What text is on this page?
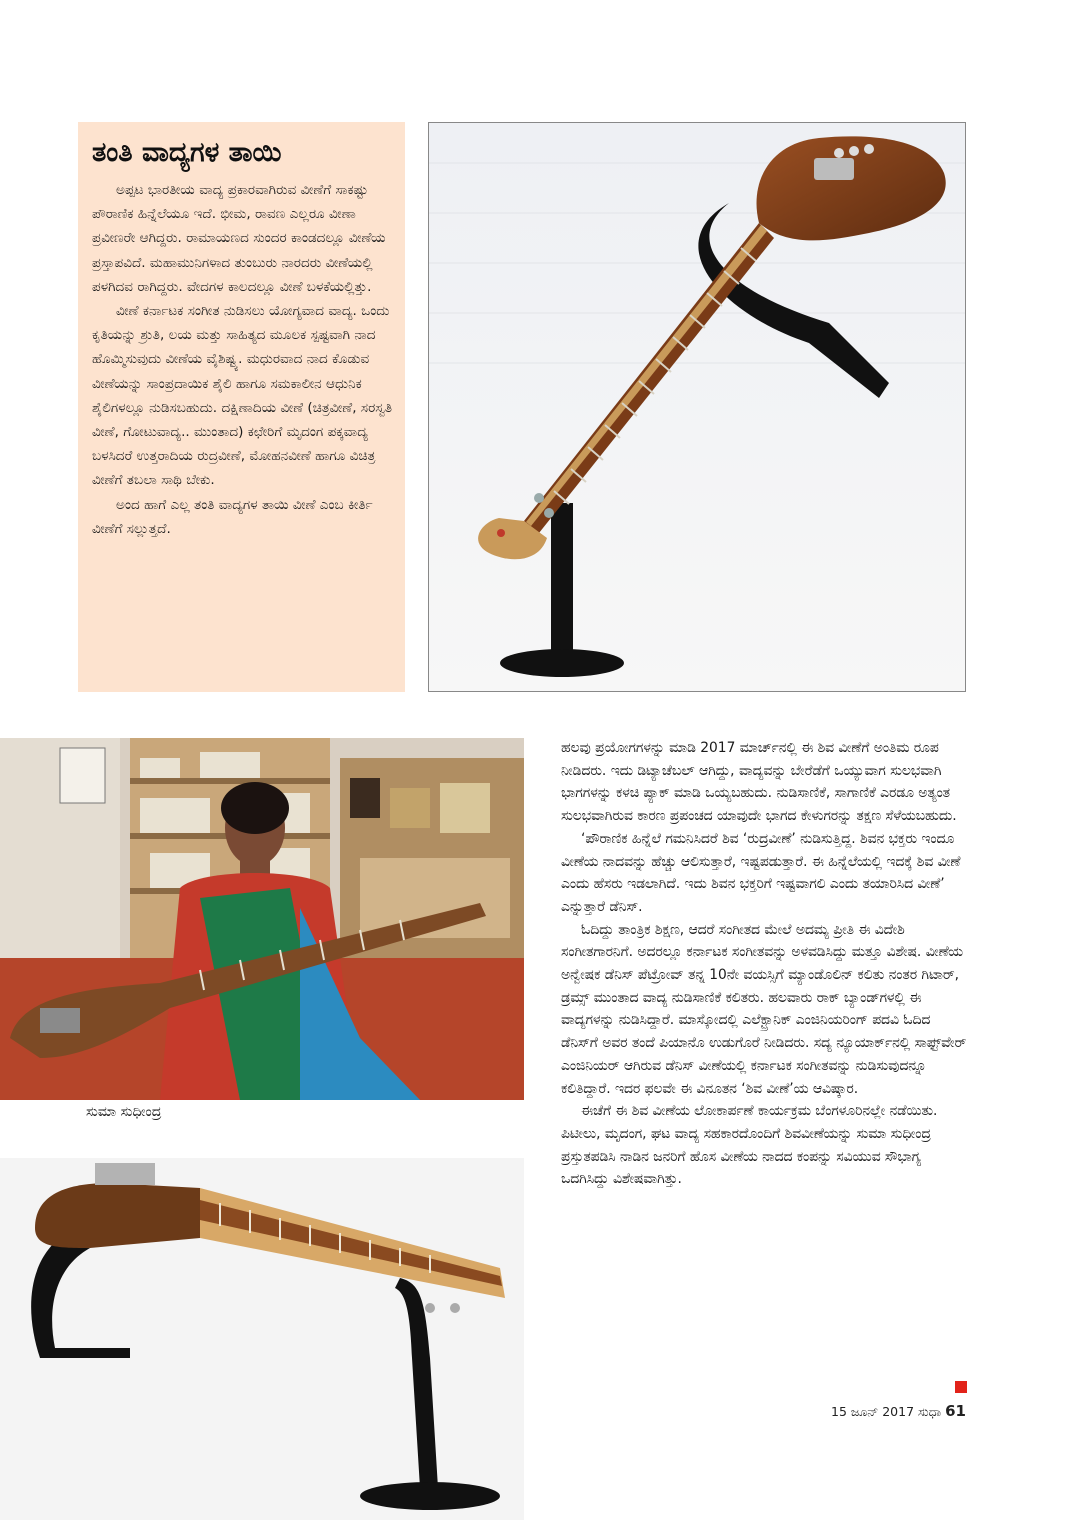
ತಂತಿ ವಾದ್ಯಗಳ ತಾಯಿ

ಅಪ್ಪಟ ಭಾರತೀಯ ವಾದ್ಯ ಪ್ರಕಾರವಾಗಿರುವ ವೀಣೆಗೆ ಸಾಕಷ್ಟು ಪೌರಾಣಿಕ ಹಿನ್ನೆಲೆಯೂ ಇದೆ. ಭೀಮ, ರಾವಣ ಎಲ್ಲರೂ ವೀಣಾ ಪ್ರವೀಣರೇ ಆಗಿದ್ದರು. ರಾಮಾಯಣದ ಸುಂದರ ಕಾಂಡದಲ್ಲೂ ವೀಣೆಯ ಪ್ರಸ್ತಾಪವಿದೆ. ಮಹಾಮುನಿಗಳಾದ ತುಂಬುರು ನಾರದರು ವೀಣೆಯಲ್ಲಿ ಪಳಗಿದವ ರಾಗಿದ್ದರು. ವೇದಗಳ ಕಾಲದಲ್ಲೂ ವೀಣೆ ಬಳಕೆಯಲ್ಲಿತ್ತು.

ವೀಣೆ ಕರ್ನಾಟಕ ಸಂಗೀತ ನುಡಿಸಲು ಯೋಗ್ಯವಾದ ವಾದ್ಯ. ಒಂದು ಕೃತಿಯನ್ನು ಶ್ರುತಿ, ಲಯ ಮತ್ತು ಸಾಹಿತ್ಯದ ಮೂಲಕ ಸ್ಪಷ್ಟವಾಗಿ ನಾದ ಹೊಮ್ಮಿಸುವುದು ವೀಣೆಯ ವೈಶಿಷ್ಟ್ಯ. ಮಧುರವಾದ ನಾದ ಕೊಡುವ ವೀಣೆಯನ್ನು ಸಾಂಪ್ರದಾಯಿಕ ಶೈಲಿ ಹಾಗೂ ಸಮಕಾಲೀನ ಆಧುನಿಕ ಶೈಲಿಗಳಲ್ಲೂ ನುಡಿಸಬಹುದು. ದಕ್ಷಿಣಾದಿಯ ವೀಣೆ (ಚಿತ್ರವೀಣೆ, ಸರಸ್ವತಿ ವೀಣೆ, ಗೋಟುವಾದ್ಯ.. ಮುಂತಾದ) ಕಛೇರಿಗೆ ಮೃದಂಗ ಪಕ್ಕವಾದ್ಯ ಬಳಸಿದರೆ ಉತ್ತರಾದಿಯ ರುದ್ರವೀಣೆ, ಮೋಹನವೀಣೆ ಹಾಗೂ ವಿಚಿತ್ರ ವೀಣೆಗೆ ತಬಲಾ ಸಾಥಿ ಬೇಕು.

ಅಂದ ಹಾಗೆ ಎಲ್ಲ ತಂತಿ ವಾದ್ಯಗಳ ತಾಯಿ ವೀಣೆ ಎಂಬ ಕೀರ್ತಿ ವೀಣೆಗೆ ಸಲ್ಲುತ್ತದೆ.

ಸುಮಾ ಸುಧೀಂದ್ರ

ಹಲವು ಪ್ರಯೋಗಗಳನ್ನು ಮಾಡಿ 2017 ಮಾರ್ಚ್‌ನಲ್ಲಿ ಈ ಶಿವ ವೀಣೆಗೆ ಅಂತಿಮ ರೂಪ ನೀಡಿದರು. ಇದು ಡಿಟ್ಯಾಚೆಬಲ್ ಆಗಿದ್ದು, ವಾದ್ಯವನ್ನು ಬೇರೆಡೆಗೆ ಒಯ್ಯುವಾಗ ಸುಲಭವಾಗಿ ಭಾಗಗಳನ್ನು ಕಳಚಿ ಪ್ಯಾಕ್ ಮಾಡಿ ಒಯ್ಯಬಹುದು. ನುಡಿಸಾಣಿಕೆ, ಸಾಗಾಣಿಕೆ ಎರಡೂ ಅತ್ಯಂತ ಸುಲಭವಾಗಿರುವ ಕಾರಣ ಪ್ರಪಂಚದ ಯಾವುದೇ ಭಾಗದ ಕೇಳುಗರನ್ನು ತಕ್ಷಣ ಸೆಳೆಯಬಹುದು.

‘ಪೌರಾಣಿಕ ಹಿನ್ನೆಲೆ ಗಮನಿಸಿದರೆ ಶಿವ ‘ರುದ್ರವೀಣೆ’ ನುಡಿಸುತ್ತಿದ್ದ. ಶಿವನ ಭಕ್ತರು ಇಂದೂ ವೀಣೆಯ ನಾದವನ್ನು ಹೆಚ್ಚು ಆಲಿಸುತ್ತಾರೆ, ಇಷ್ಟಪಡುತ್ತಾರೆ. ಈ ಹಿನ್ನೆಲೆಯಲ್ಲಿ ಇದಕ್ಕೆ ಶಿವ ವೀಣೆ ಎಂದು ಹೆಸರು ಇಡಲಾಗಿದೆ. ಇದು ಶಿವನ ಭಕ್ತರಿಗೆ ಇಷ್ಟವಾಗಲಿ ಎಂದು ತಯಾರಿಸಿದ ವೀಣೆ’ ಎನ್ನುತ್ತಾರೆ ಡೆನಿಸ್.

ಓದಿದ್ದು ತಾಂತ್ರಿಕ ಶಿಕ್ಷಣ, ಆದರೆ ಸಂಗೀತದ ಮೇಲೆ ಅದಮ್ಯ ಪ್ರೀತಿ ಈ ವಿದೇಶಿ ಸಂಗೀತಗಾರನಿಗೆ. ಅದರಲ್ಲೂ ಕರ್ನಾಟಕ ಸಂಗೀತವನ್ನು ಅಳವಡಿಸಿದ್ದು ಮತ್ತೂ ವಿಶೇಷ. ವೀಣೆಯ ಅನ್ವೇಷಕ ಡೆನಿಸ್ ಪೆಟ್ರೋವ್ ತನ್ನ 10ನೇ ವಯಸ್ಸಿಗೆ ಮ್ಯಾಂಡೊಲಿನ್ ಕಲಿತು ನಂತರ ಗಿಟಾರ್, ಡ್ರಮ್ಸ್ ಮುಂತಾದ ವಾದ್ಯ ನುಡಿಸಾಣಿಕೆ ಕಲಿತರು. ಹಲವಾರು ರಾಕ್ ಬ್ಯಾಂಡ್‌ಗಳಲ್ಲಿ ಈ ವಾದ್ಯಗಳನ್ನು ನುಡಿಸಿದ್ದಾರೆ. ಮಾಸ್ಕೋದಲ್ಲಿ ಎಲೆಕ್ಟ್ರಾನಿಕ್ ಎಂಜಿನಿಯರಿಂಗ್ ಪದವಿ ಓದಿದ ಡೆನಿಸ್‌ಗೆ ಅವರ ತಂದೆ ಪಿಯಾನೊ ಉಡುಗೊರೆ ನೀಡಿದರು. ಸದ್ಯ ನ್ಯೂಯಾರ್ಕ್‌ನಲ್ಲಿ ಸಾಫ್ಟ್‌ವೇರ್ ಎಂಜಿನಿಯರ್ ಆಗಿರುವ ಡೆನಿಸ್ ವೀಣೆಯಲ್ಲಿ ಕರ್ನಾಟಕ ಸಂಗೀತವನ್ನು ನುಡಿಸುವುದನ್ನೂ ಕಲಿತಿದ್ದಾರೆ. ಇದರ ಫಲವೇ ಈ ವಿನೂತನ ‘ಶಿವ ವೀಣೆ’ಯ ಆವಿಷ್ಕಾರ.

ಈಚೆಗೆ ಈ ಶಿವ ವೀಣೆಯ ಲೋಕಾರ್ಪಣೆ ಕಾರ್ಯಕ್ರಮ ಬೆಂಗಳೂರಿನಲ್ಲೇ ನಡೆಯಿತು. ಪಿಟೀಲು, ಮೃದಂಗ, ಘಟ ವಾದ್ಯ ಸಹಕಾರದೊಂದಿಗೆ ಶಿವವೀಣೆಯನ್ನು ಸುಮಾ ಸುಧೀಂದ್ರ ಪ್ರಸ್ತುತಪಡಿಸಿ ನಾಡಿನ ಜನರಿಗೆ ಹೊಸ ವೀಣೆಯ ನಾದದ ಕಂಪನ್ನು ಸವಿಯುವ ಸೌಭಾಗ್ಯ ಒದಗಿಸಿದ್ದು ವಿಶೇಷವಾಗಿತ್ತು.

15 ಜೂನ್ 2017 ಸುಧಾ 61
